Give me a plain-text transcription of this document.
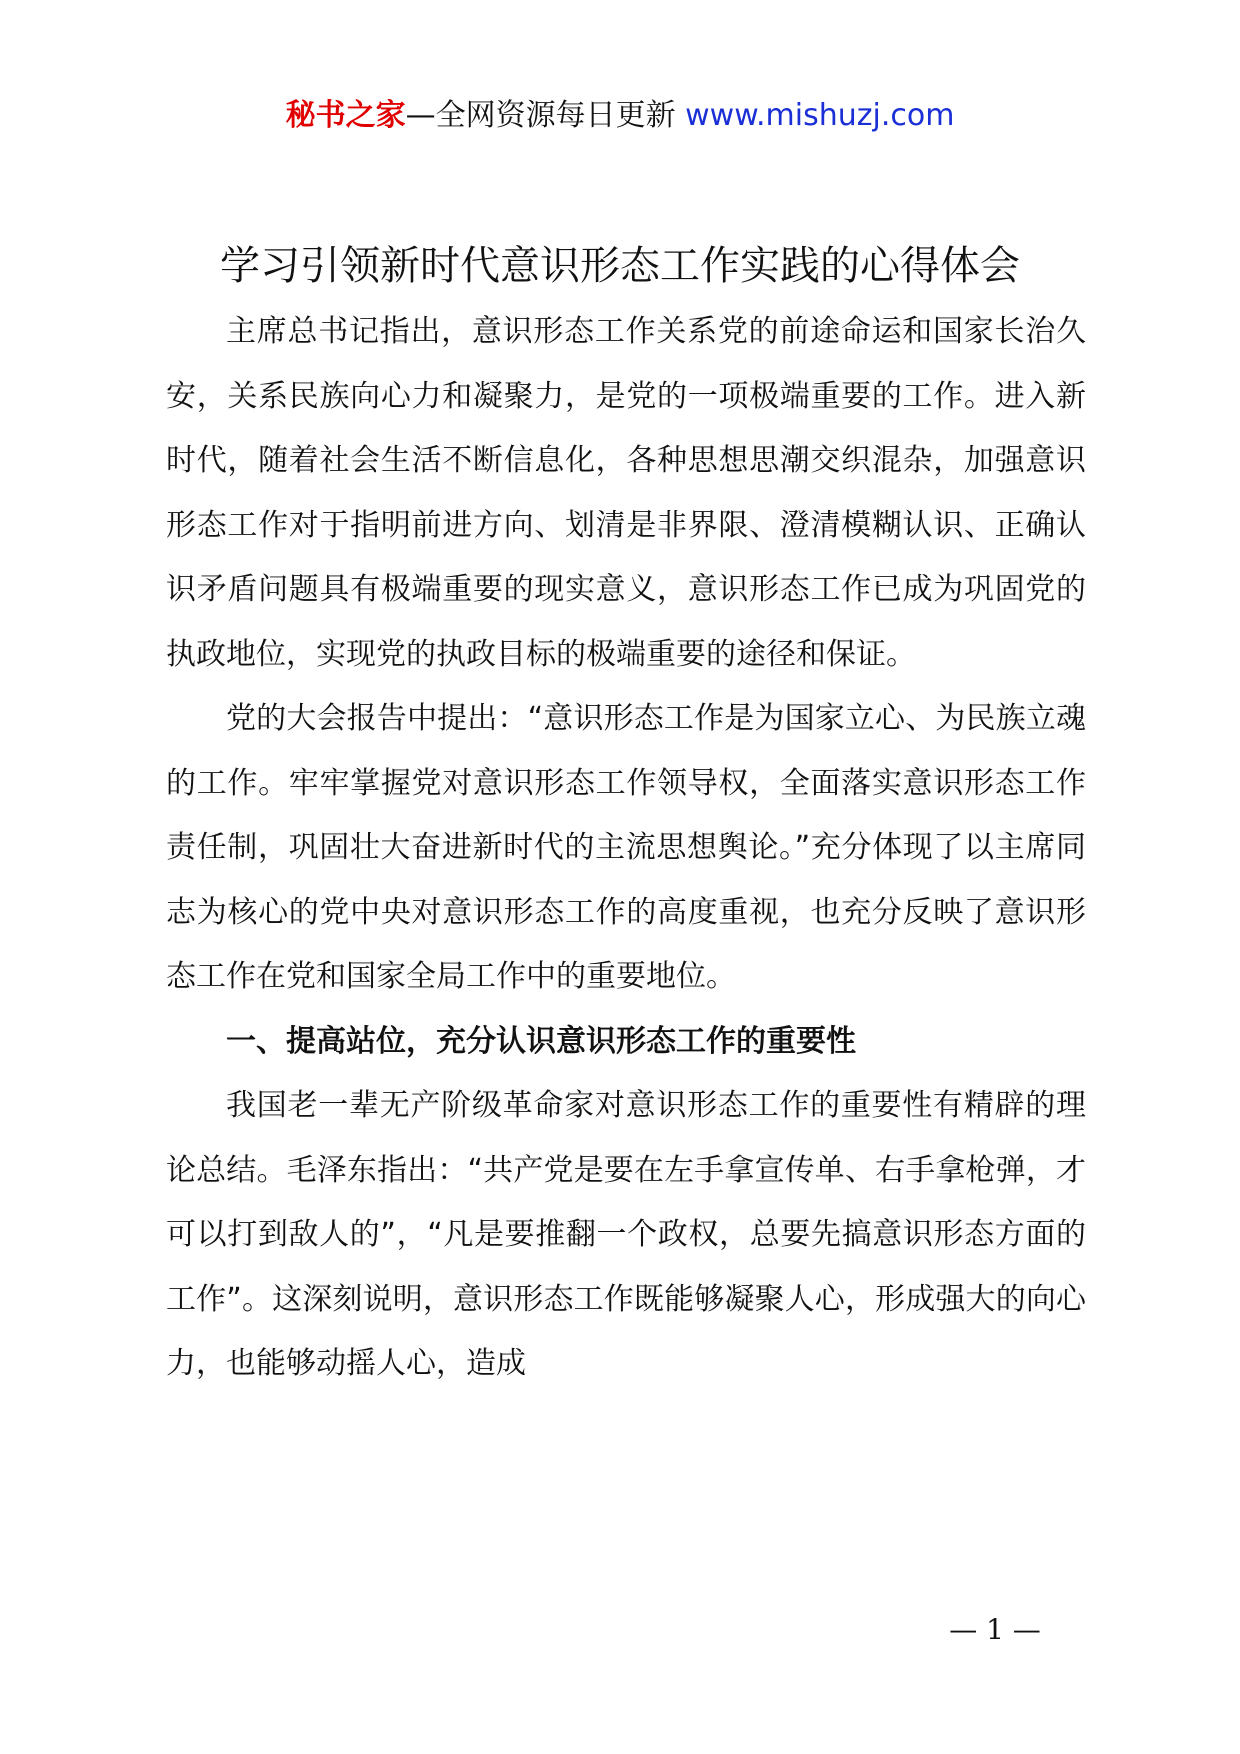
秘书之家—全网资源每日更新 www.mishuzj.com
学习引领新时代意识形态工作实践的心得体会

主席总书记指出，意识形态工作关系党的前途命运和国家长治久安，关系民族向心力和凝聚力，是党的一项极端重要的工作。进入新时代，随着社会生活不断信息化，各种思想思潮交织混杂，加强意识形态工作对于指明前进方向、划清是非界限、澄清模糊认识、正确认识矛盾问题具有极端重要的现实意义，意识形态工作已成为巩固党的执政地位，实现党的执政目标的极端重要的途径和保证。

党的大会报告中提出：“意识形态工作是为国家立心、为民族立魂的工作。牢牢掌握党对意识形态工作领导权，全面落实意识形态工作责任制，巩固壮大奋进新时代的主流思想舆论。”充分体现了以主席同志为核心的党中央对意识形态工作的高度重视，也充分反映了意识形态工作在党和国家全局工作中的重要地位。

一、提高站位，充分认识意识形态工作的重要性

我国老一辈无产阶级革命家对意识形态工作的重要性有精辟的理论总结。毛泽东指出：“共产党是要在左手拿宣传单、右手拿枪弹，才可以打到敌人的”，“凡是要推翻一个政权，总要先搞意识形态方面的工作”。这深刻说明，意识形态工作既能够凝聚人心，形成强大的向心力，也能够动摇人心，造成

— 1 —
